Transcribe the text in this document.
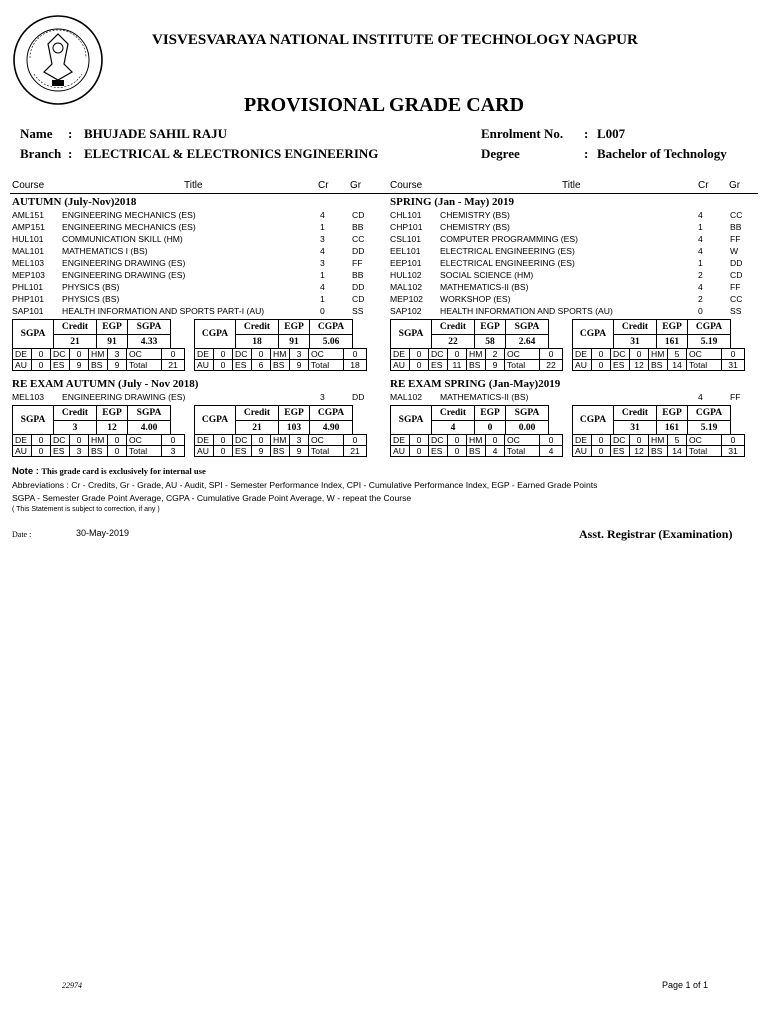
VISVESVARAYA NATIONAL INSTITUTE OF TECHNOLOGY NAGPUR
PROVISIONAL GRADE CARD
Name : BHUJADE SAHIL RAJU
Branch : ELECTRICAL & ELECTRONICS ENGINEERING
Enrolment No. : L007
Degree	: Bachelor of Technology
Course	Title	Cr Gr	Course	Title	Cr Gr
AUTUMN (July-Nov)2018
AML151 ENGINEERING MECHANICS (ES)	4	CD
AMP151 ENGINEERING MECHANICS (ES)	1	BB
HUL101 COMMUNICATION SKILL (HM)	3	CC
MAL101 MATHEMATICS I (BS)	4	DD
MEL103 ENGINEERING DRAWING (ES)	3	FF
MEP103 ENGINEERING DRAWING (ES)	1	BB
PHL101 PHYSICS (BS)	4	DD
PHP101 PHYSICS (BS)	1	CD
SAP101 HEALTH INFORMATION AND SPORTS PART-I (AU)	0	SS
SGPA	Credit	EGP	SGPA
	21	91	4.33
CGPA	Credit	EGP	CGPA
	18	91	5.06
DE	0	DC	0	HM	3	OC	0
AU	0	ES	9	BS	9	Total	21
DE	0	DC	0	HM	3	OC	0
AU	0	ES	6	BS	9	Total	18
SPRING (Jan - May) 2019
CHL101 CHEMISTRY (BS)	4	CC
CHP101 CHEMISTRY (BS)	1	BB
CSL101 COMPUTER PROGRAMMING (ES)	4	FF
EEL101 ELECTRICAL ENGINEERING (ES)	4	W
EEP101 ELECTRICAL ENGINEERING (ES)	1	DD
HUL102 SOCIAL SCIENCE (HM)	2	CD
MAL102 MATHEMATICS-II (BS)	4	FF
MEP102 WORKSHOP (ES)	2	CC
SAP102 HEALTH INFORMATION AND SPORTS (AU)	0	SS
SGPA	Credit	EGP	SGPA
	22	58	2.64
CGPA	Credit	EGP	CGPA
	31	161	5.19
DE	0	DC	0	HM	2	OC	0
AU	0	ES	11	BS	9	Total	22
DE	0	DC	0	HM	5	OC	0
AU	0	ES	12	BS	14	Total	31
RE EXAM AUTUMN (July - Nov 2018)
MEL103 ENGINEERING DRAWING (ES)	3	DD
SGPA	Credit	EGP	SGPA
	3	12	4.00
CGPA	Credit	EGP	CGPA
	21	103	4.90
DE	0	DC	0	HM	0	OC	0
AU	0	ES	3	BS	0	Total	3
DE	0	DC	0	HM	3	OC	0
AU	0	ES	9	BS	9	Total	21
RE EXAM SPRING (Jan-May)2019
MAL102 MATHEMATICS-II (BS)	4	FF
SGPA	Credit	EGP	SGPA
	4	0	0.00
CGPA	Credit	EGP	CGPA
	31	161	5.19
DE	0	DC	0	HM	0	OC	0
AU	0	ES	0	BS	4	Total	4
DE	0	DC	0	HM	5	OC	0
AU	0	ES	12	BS	14	Total	31
Note : This grade card is exclusively for internal use
Abbreviations : Cr - Credits, Gr - Grade, AU - Audit, SPI - Semester Performance Index, CPI - Cumulative Performance Index, EGP - Earned Grade Points
SGPA - Semester Grade Point Average, CGPA - Cumulative Grade Point Average, W - repeat the Course
( This Statement is subject to correction, if any )
Date :	30-May-2019	Asst. Registrar (Examination)
22974	Page 1 of 1
